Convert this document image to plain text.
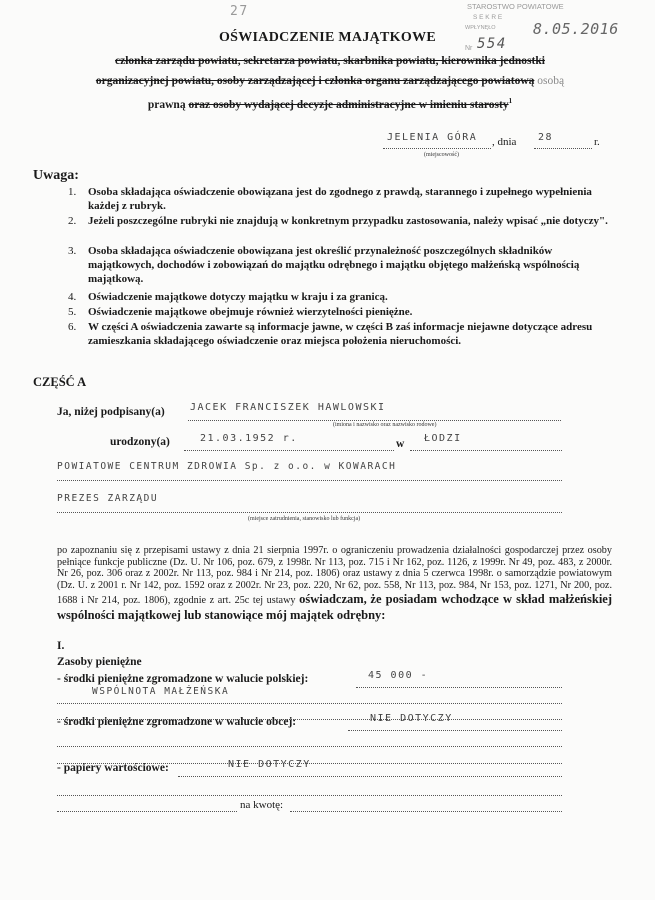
27	STAROSTWO POWIATOWE
S E K R E
WPŁYNĘŁO 8.05.2016
Nr 554
OŚWIADCZENIE MAJĄTKOWE
członka zarządu powiatu, sekretarza powiatu, skarbnika powiatu, kierownika jednostki
organizacyjnej powiatu, osoby zarządzającej i członka organu zarządzającego powiatową osobą
prawną oraz osoby wydającej decyzje administracyjne w imieniu starosty$^1$
JELENIA GÓRA , dnia 28	r.
(miejscowość)
Uwaga:
1. Osoba składająca oświadczenie obowiązana jest do zgodnego z prawdą, starannego i zupełnego wypełnienia każdej z rubryk.
2. Jeżeli poszczególne rubryki nie znajdują w konkretnym przypadku zastosowania, należy wpisać „nie dotyczy".
3. Osoba składająca oświadczenie obowiązana jest określić przynależność poszczególnych składników majątkowych, dochodów i zobowiązań do majątku odrębnego i majątku objętego małżeńską wspólnością majątkową.
4. Oświadczenie majątkowe dotyczy majątku w kraju i za granicą.
5. Oświadczenie majątkowe obejmuje również wierzytelności pieniężne.
6. W części A oświadczenia zawarte są informacje jawne, w części B zaś informacje niejawne dotyczące adresu zamieszkania składającego oświadczenie oraz miejsca położenia nieruchomości.
CZĘŚĆ A
Ja, niżej podpisany(a)	JACEK FRANCISZEK HAWLOWSKI
(imiona i nazwisko oraz nazwisko rodowe)
urodzony(a)	21.03.1952 r.	w ŁODZI
POWIATOWE CENTRUM ZDROWIA Sp. z o.o. w KOWARACH
PREZES ZARZĄDU
(miejsce zatrudnienia, stanowisko lub funkcja)
po zapoznaniu się z przepisami ustawy z dnia 21 sierpnia 1997r. o ograniczeniu prowadzenia działalności gospodarczej przez osoby pełniące funkcje publiczne (Dz. U. Nr 106, poz. 679, z 1998r. Nr 113, poz. 715 i Nr 162, poz. 1126, z 1999r. Nr 49, poz. 483, z 2000r. Nr 26, poz. 306 oraz z 2002r. Nr 113, poz. 984 i Nr 214, poz. 1806) oraz ustawy z dnia 5 czerwca 1998r. o samorządzie powiatowym (Dz. U. z 2001 r. Nr 142, poz. 1592 oraz z 2002r. Nr 23, poz. 220, Nr 62, poz. 558, Nr 113, poz. 984, Nr 153, poz. 1271, Nr 200, poz. 1688 i Nr 214, poz. 1806), zgodnie z art. 25c tej ustawy oświadczam, że posiadam wchodzące w skład małżeńskiej wspólności majątkowej lub stanowiące mój majątek odrębny:
I.
Zasoby pieniężne
- środki pieniężne zgromadzone w walucie polskiej:	45 000 -
WSPÓLNOTA MAŁŻEŃSKA
- środki pieniężne zgromadzone w walucie obcej:	NIE DOTYCZY
- papiery wartościowe:	NIE DOTYCZY
na kwotę:
